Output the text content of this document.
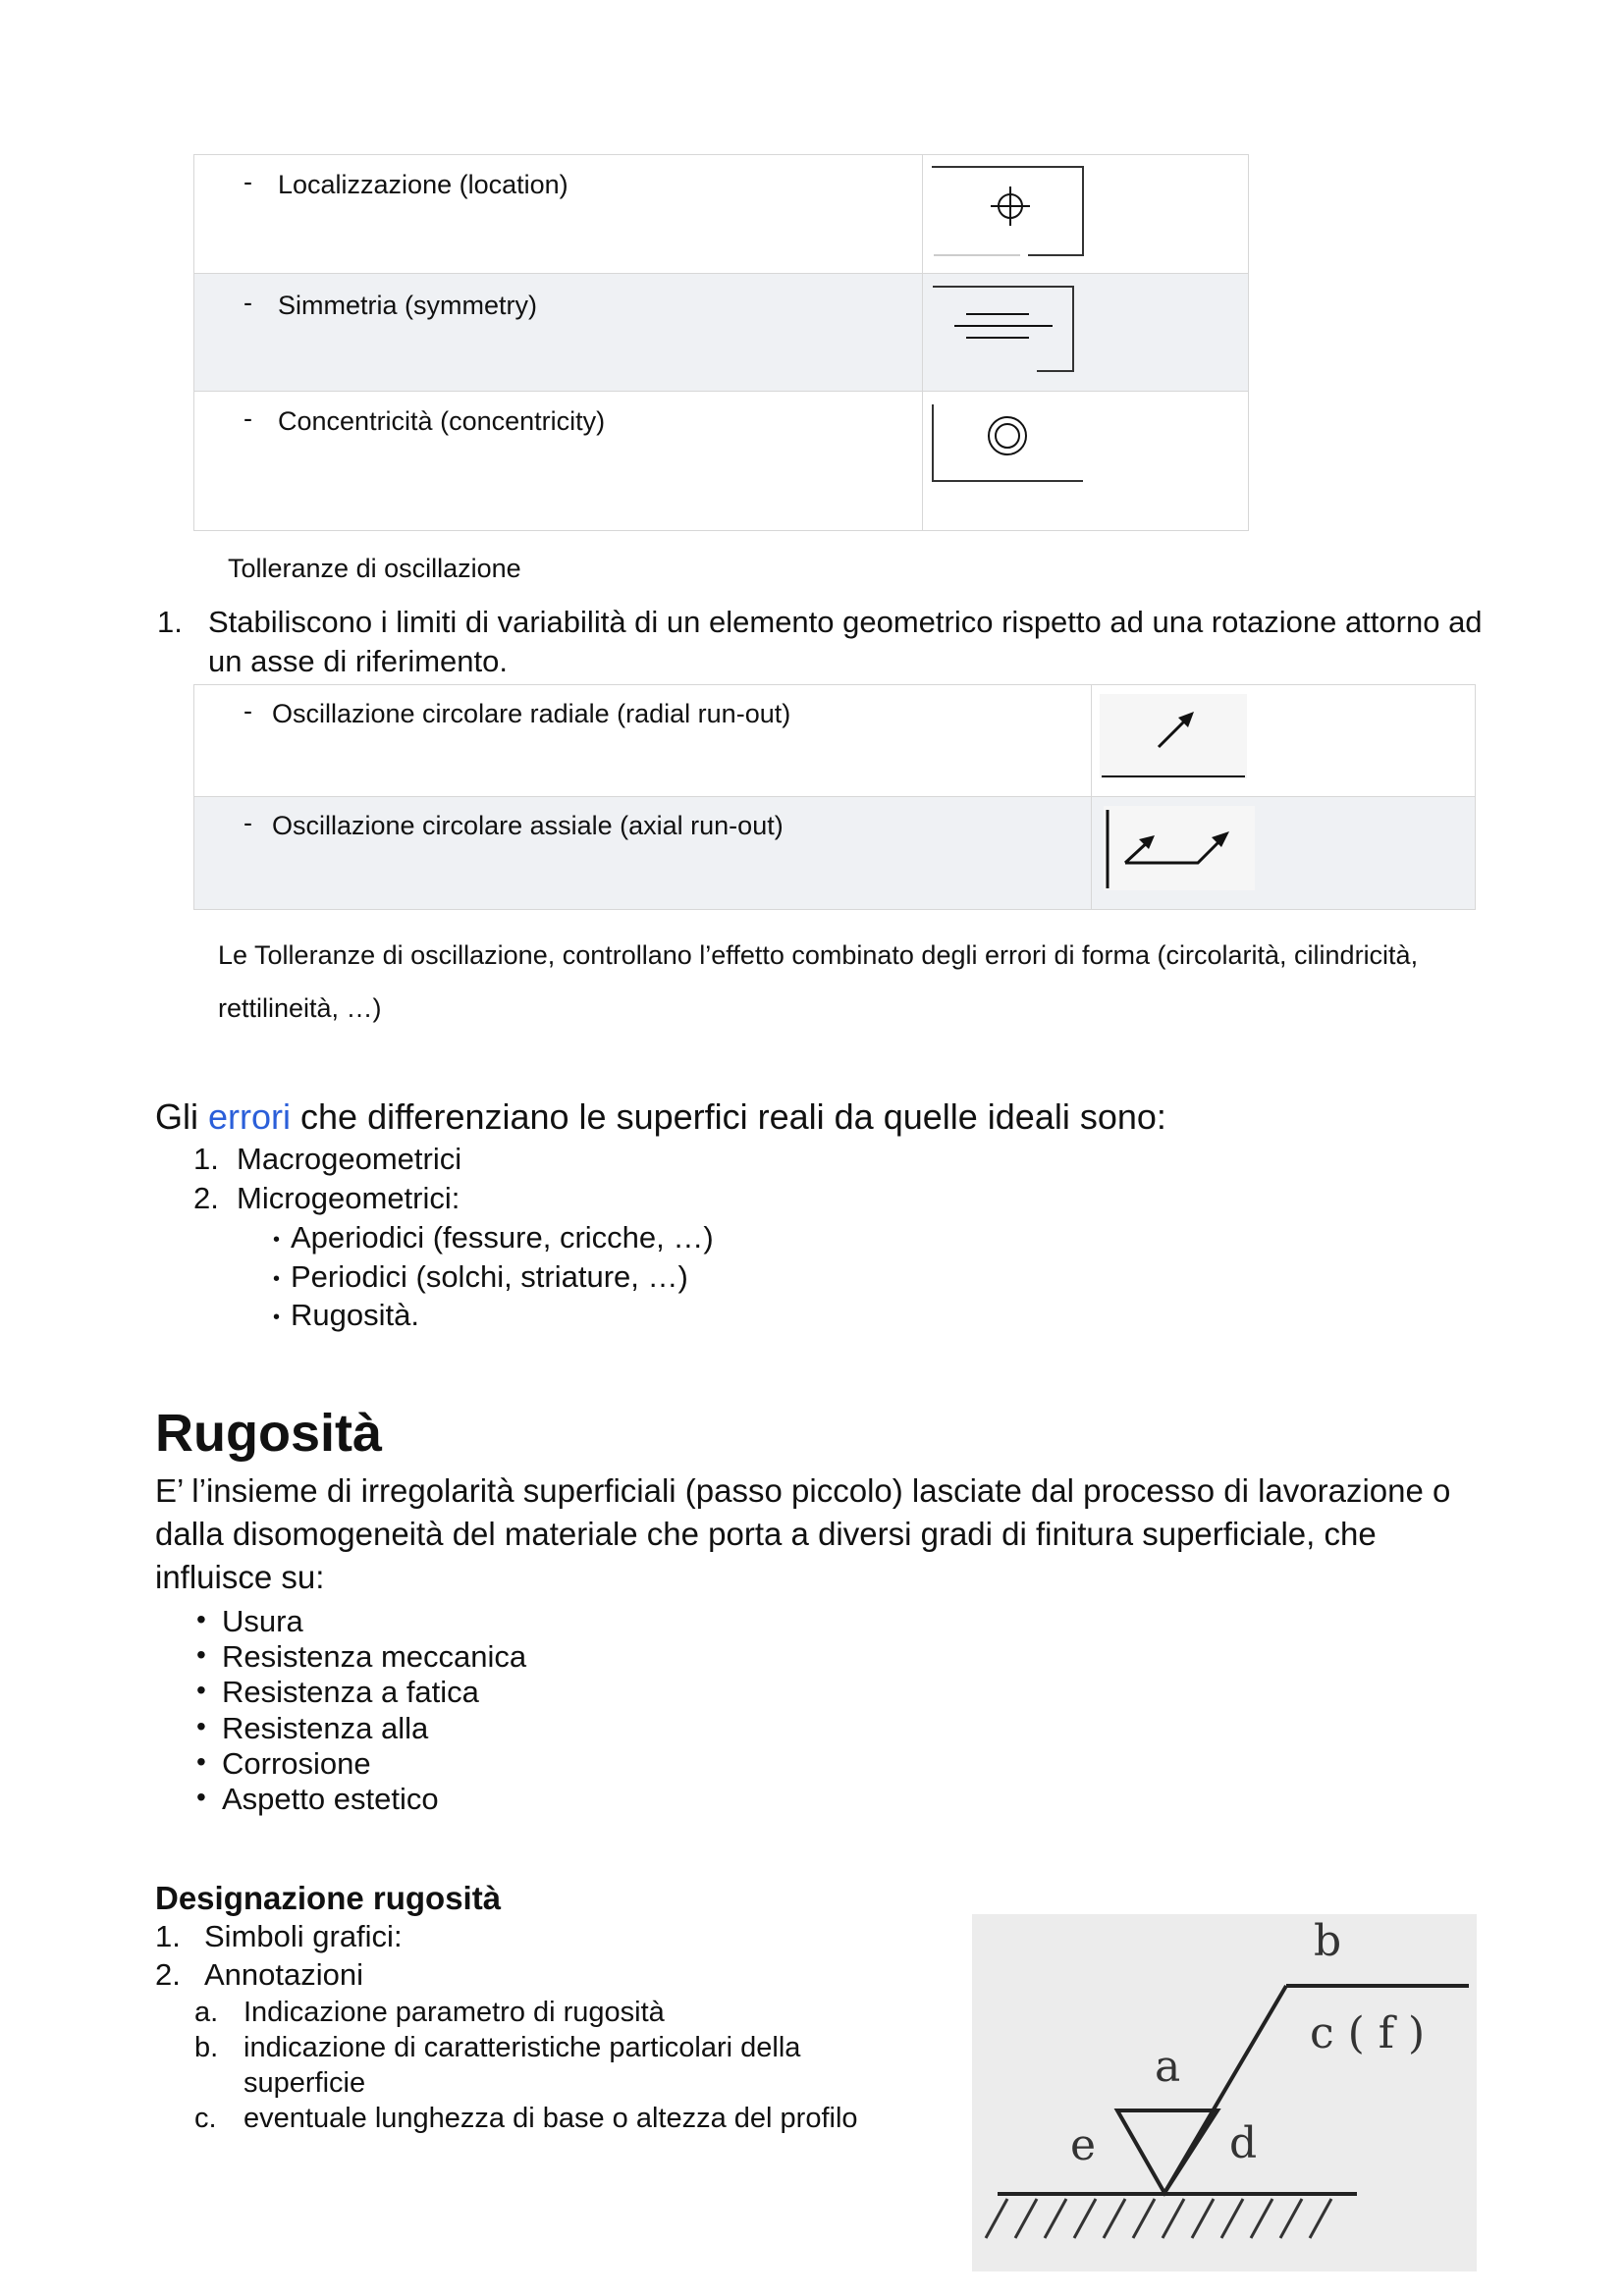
- Localizzazione (location)
- Simmetria (symmetry)
- Concentricità (concentricity)
Tolleranze di oscillazione
1. Stabiliscono i limiti di variabilità di un elemento geometrico rispetto ad una rotazione attorno ad un asse di riferimento.
- Oscillazione circolare radiale (radial run-out)
- Oscillazione circolare assiale (axial run-out)
Le Tolleranze di oscillazione, controllano l’effetto combinato degli errori di forma (circolarità, cilindricità, rettilineità, …)
Gli errori che differenziano le superfici reali da quelle ideali sono:
1. Macrogeometrici
2. Microgeometrici:
• Aperiodici (fessure, cricche, …)
• Periodici (solchi, striature, …)
• Rugosità.
Rugosità
E’ l’insieme di irregolarità superficiali (passo piccolo) lasciate dal processo di lavorazione o dalla disomogeneità del materiale che porta a diversi gradi di finitura superficiale, che influisce su:
• Usura
• Resistenza meccanica
• Resistenza a fatica
• Resistenza alla
• Corrosione
• Aspetto estetico
Designazione rugosità
1. Simboli grafici:
2. Annotazioni
a. Indicazione parametro di rugosità
b. indicazione di caratteristiche particolari della superficie
c. eventuale lunghezza di base o altezza del profilo
b
c ( f )
a
e	d
